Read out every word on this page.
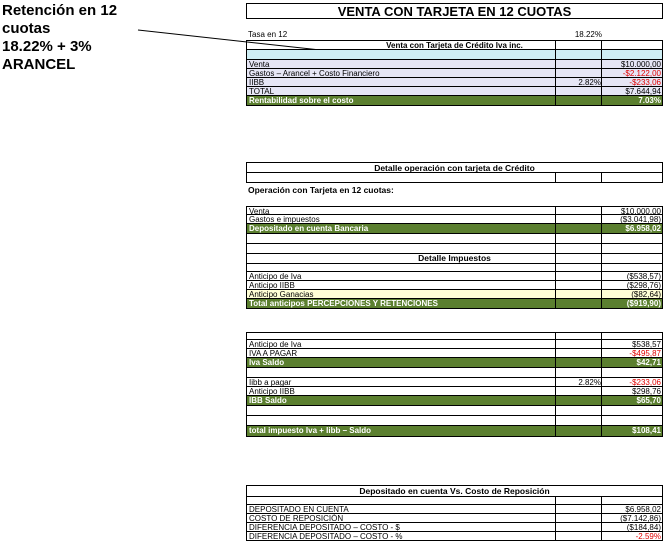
Retención en 12
cuotas
18.22% + 3%
ARANCEL
VENTA CON TARJETA EN 12 CUOTAS
Tasa en 12	18.22%
Venta con Tarjeta de Crédito Iva inc.
Venta	$10.000,00
Gastos – Arancel + Costo Financiero	-$2.122,00
IIBB	2.82%	-$233,06
TOTAL	$7.644,94
Rentabilidad sobre el costo	7.03%
Detalle operación con tarjeta de Crédito
Operación con Tarjeta en 12 cuotas:
Venta	$10.000,00
Gastos e impuestos	($3.041,98)
Depositado en cuenta Bancaria	$6.958,02
Detalle Impuestos
Anticipo de Iva	($538,57)
Anticipo IIBB	($298,76)
Anticipo Ganacias	($82,64)
Total anticipos PERCEPCIONES Y RETENCIONES	($919,90)
Anticipo de Iva	$538,57
IVA A PAGAR	-$495,87
Iva Saldo	$42,71
Iibb a pagar	2.82%	-$233,06
Anticipo IIBB	$298,76
IBB Saldo	$65,70
total impuesto Iva + Iibb – Saldo	$108,41
Depositado en cuenta Vs. Costo de Reposición
DEPOSITADO EN CUENTA	$6.958,02
COSTO DE REPOSICIÓN	($7.142,86)
DIFERENCIA DEPOSITADO – COSTO - $	($184,84)
DIFERENCIA DEPOSITADO – COSTO - %	-2.59%
